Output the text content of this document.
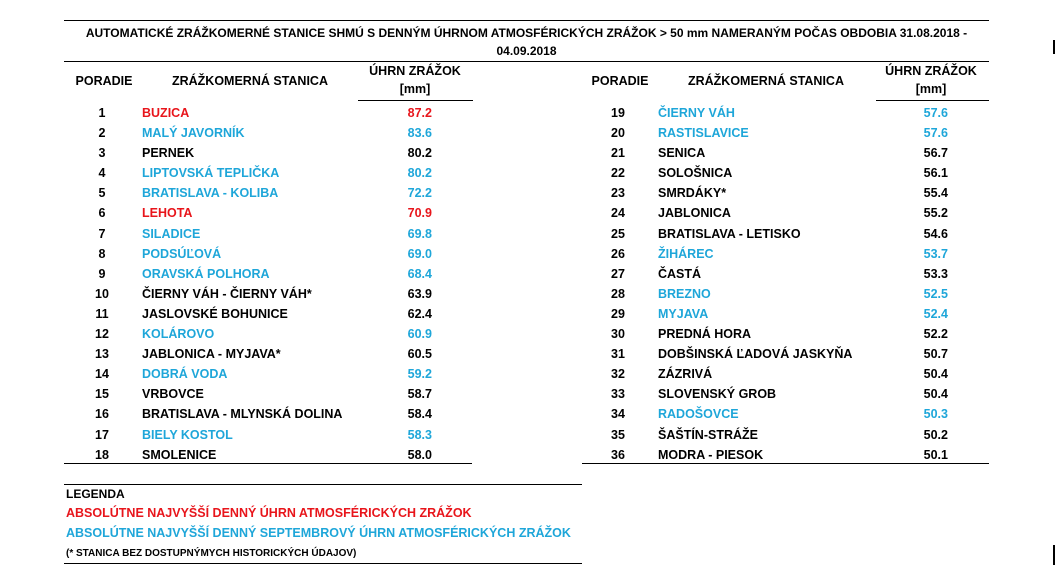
AUTOMATICKÉ ZRÁŽKOMERNÉ STANICE SHMÚ S DENNÝM ÚHRNOM ATMOSFÉRICKÝCH ZRÁŽOK > 50 mm NAMERANÝM POČAS OBDOBIA 31.08.2018 -
04.09.2018
PORADIE	ZRÁŽKOMERNÁ STANICA
ÚHRN ZRÁŽOK
[mm]
PORADIE	ZRÁŽKOMERNÁ STANICA
ÚHRN ZRÁŽOK
[mm]
1	BUZICA	87.2
2	MALÝ JAVORNÍK	83.6
3	PERNEK	80.2
4	LIPTOVSKÁ TEPLIČKA	80.2
5	BRATISLAVA - KOLIBA	72.2
6	LEHOTA	70.9
7	SILADICE	69.8
8	PODSÚĽOVÁ	69.0
9	ORAVSKÁ POLHORA	68.4
10	ČIERNY VÁH - ČIERNY VÁH*	63.9
11	JASLOVSKÉ BOHUNICE	62.4
12	KOLÁROVO	60.9
13	JABLONICA - MYJAVA*	60.5
14	DOBRÁ VODA	59.2
15	VRBOVCE	58.7
16	BRATISLAVA - MLYNSKÁ DOLINA	58.4
17	BIELY KOSTOL	58.3
18	SMOLENICE	58.0
19	ČIERNY VÁH	57.6
20	RASTISLAVICE	57.6
21	SENICA	56.7
22	SOLOŠNICA	56.1
23	SMRDÁKY*	55.4
24	JABLONICA	55.2
25	BRATISLAVA - LETISKO	54.6
26	ŽIHÁREC	53.7
27	ČASTÁ	53.3
28	BREZNO	52.5
29	MYJAVA	52.4
30	PREDNÁ HORA	52.2
31	DOBŠINSKÁ ĽADOVÁ JASKYŇA	50.7
32	ZÁZRIVÁ	50.4
33	SLOVENSKÝ GROB	50.4
34	RADOŠOVCE	50.3
35	ŠAŠTÍN-STRÁŽE	50.2
36	MODRA - PIESOK	50.1
LEGENDA
ABSOLÚTNE NAJVYŠŠÍ DENNÝ ÚHRN ATMOSFÉRICKÝCH ZRÁŽOK
ABSOLÚTNE NAJVYŠŠÍ DENNÝ SEPTEMBROVÝ ÚHRN ATMOSFÉRICKÝCH ZRÁŽOK
(* STANICA BEZ DOSTUPNÝMYCH HISTORICKÝCH ÚDAJOV)
